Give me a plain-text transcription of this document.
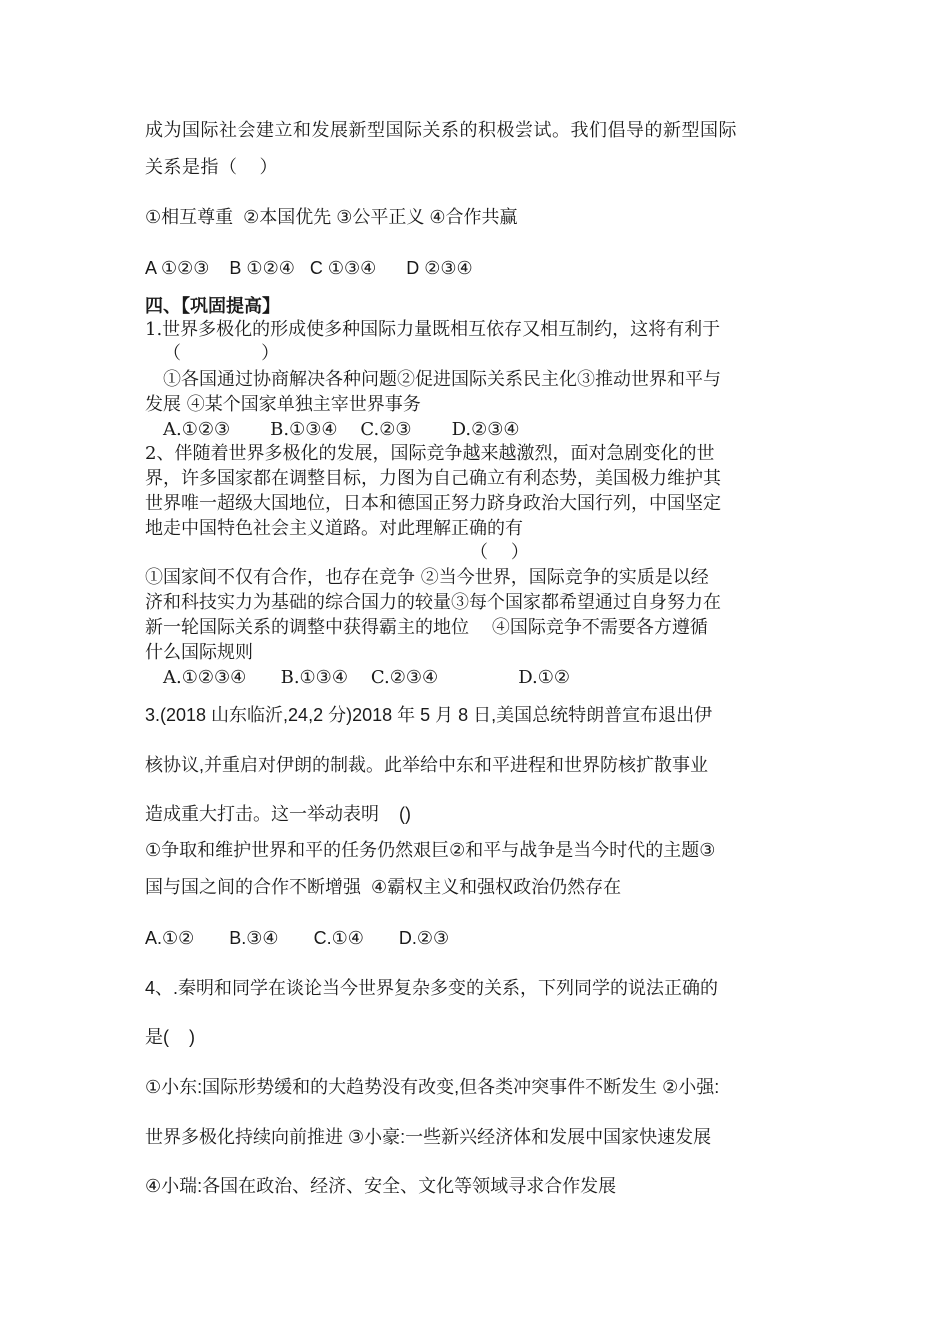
成为国际社会建立和发展新型国际关系的积极尝试。我们倡导的新型国际
关系是指（    ）
①相互尊重  ②本国优先 ③公平正义 ④合作共赢
A ①②③    B ①②④   C ①③④      D ②③④
四、【巩固提高】
1.世界多极化的形成使多种国际力量既相互依存又相互制约，这将有利于
（              ）
①各国通过协商解决各种问题②促进国际关系民主化③推动世界和平与
发展 ④某个国家单独主宰世界事务
A.①②③       B.①③④    C.②③       D.②③④
2、伴随着世界多极化的发展，国际竞争越来越激烈，面对急剧变化的世
界，许多国家都在调整目标，力图为自己确立有利态势，美国极力维护其
世界唯一超级大国地位，日本和德国正努力跻身政治大国行列，中国坚定
地走中国特色社会主义道路。对此理解正确的有
（    ）
①国家间不仅有合作，也存在竞争 ②当今世界，国际竞争的实质是以经
济和科技实力为基础的综合国力的较量③每个国家都希望通过自身努力在
新一轮国际关系的调整中获得霸主的地位    ④国际竞争不需要各方遵循
什么国际规则
A.①②③④      B.①③④    C.②③④              D.①②
3.(2018 山东临沂,24,2 分)2018 年 5 月 8 日,美国总统特朗普宣布退出伊
核协议,并重启对伊朗的制裁。此举给中东和平进程和世界防核扩散事业
造成重大打击。这一举动表明    ()
①争取和维护世界和平的任务仍然艰巨②和平与战争是当今时代的主题③
国与国之间的合作不断增强  ④霸权主义和强权政治仍然存在
A.①②       B.③④       C.①④       D.②③
4、.秦明和同学在谈论当今世界复杂多变的关系，下列同学的说法正确的
是(    )
①小东:国际形势缓和的大趋势没有改变,但各类冲突事件不断发生 ②小强:
世界多极化持续向前推进 ③小豪:一些新兴经济体和发展中国家快速发展
④小瑞:各国在政治、经济、安全、文化等领域寻求合作发展
